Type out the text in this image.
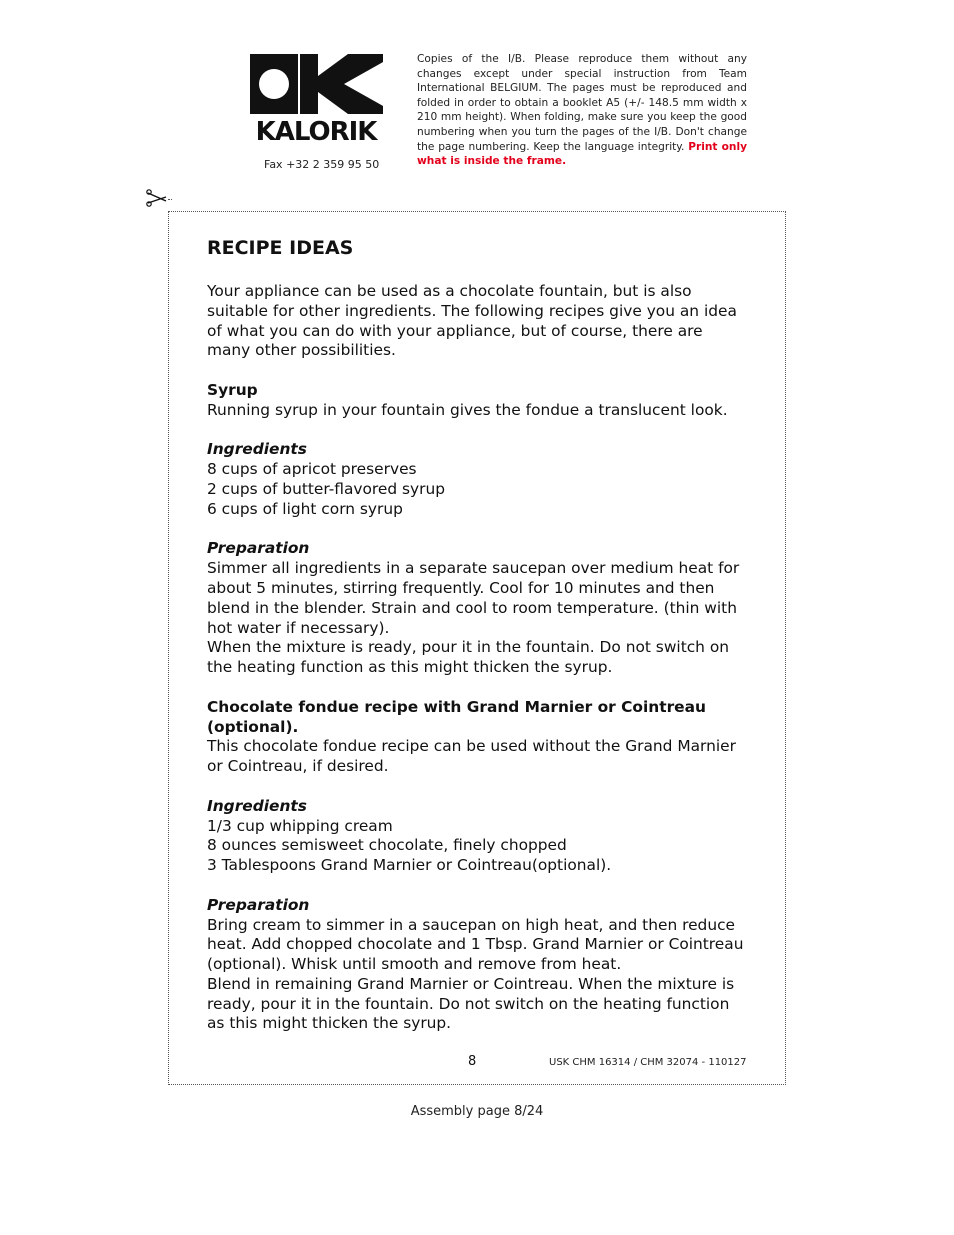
KALORIK
Fax +32 2 359 95 50
Copies of the I/B. Please reproduce them without any changes except under special instruction from Team International BELGIUM. The pages must be reproduced and folded in order to obtain a booklet A5 (+/- 148.5 mm width x 210 mm height). When folding, make sure you keep the good numbering when you turn the pages of the I/B. Don't change the page numbering. Keep the language integrity. Print only what is inside the frame.
RECIPE IDEAS

Your appliance can be used as a chocolate fountain, but is also suitable for other ingredients. The following recipes give you an idea of what you can do with your appliance, but of course, there are many other possibilities.

Syrup
Running syrup in your fountain gives the fondue a translucent look.

Ingredients
8 cups of apricot preserves
2 cups of butter-flavored syrup
6 cups of light corn syrup

Preparation
Simmer all ingredients in a separate saucepan over medium heat for about 5 minutes, stirring frequently. Cool for 10 minutes and then blend in the blender. Strain and cool to room temperature. (thin with hot water if necessary).
When the mixture is ready, pour it in the fountain. Do not switch on the heating function as this might thicken the syrup.

Chocolate fondue recipe with Grand Marnier or Cointreau (optional).
This chocolate fondue recipe can be used without the Grand Marnier or Cointreau, if desired.

Ingredients
1/3 cup whipping cream
8 ounces semisweet chocolate, finely chopped
3 Tablespoons Grand Marnier or Cointreau(optional).

Preparation
Bring cream to simmer in a saucepan on high heat, and then reduce heat. Add chopped chocolate and 1 Tbsp. Grand Marnier or Cointreau (optional). Whisk until smooth and remove from heat.
Blend in remaining Grand Marnier or Cointreau. When the mixture is ready, pour it in the fountain. Do not switch on the heating function as this might thicken the syrup.

8	USK CHM 16314 / CHM 32074 - 110127
Assembly page 8/24
